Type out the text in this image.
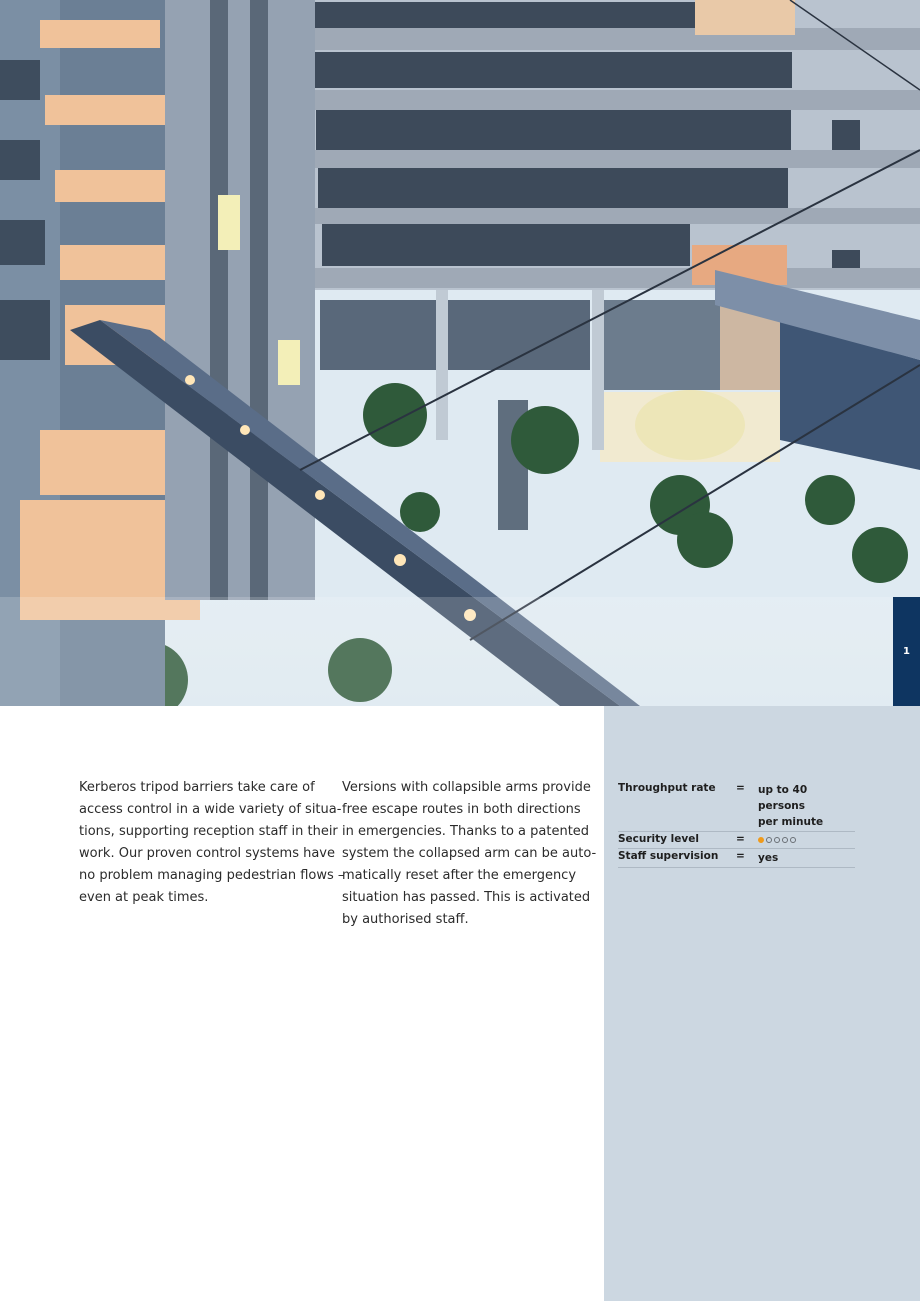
1

Kerberos tripod barriers take care of
access control in a wide variety of situa-
tions, supporting reception staff in their
work. Our proven control systems have
no problem managing pedestrian flows –
even at peak times.

Versions with collapsible arms provide
free escape routes in both directions
in emergencies. Thanks to a patented
system the collapsed arm can be auto-
matically reset after the emergency
situation has passed. This is activated
by authorised staff.

Throughput rate	=	up to 40 persons
per minute
Security level	=
Staff supervision	=	yes
